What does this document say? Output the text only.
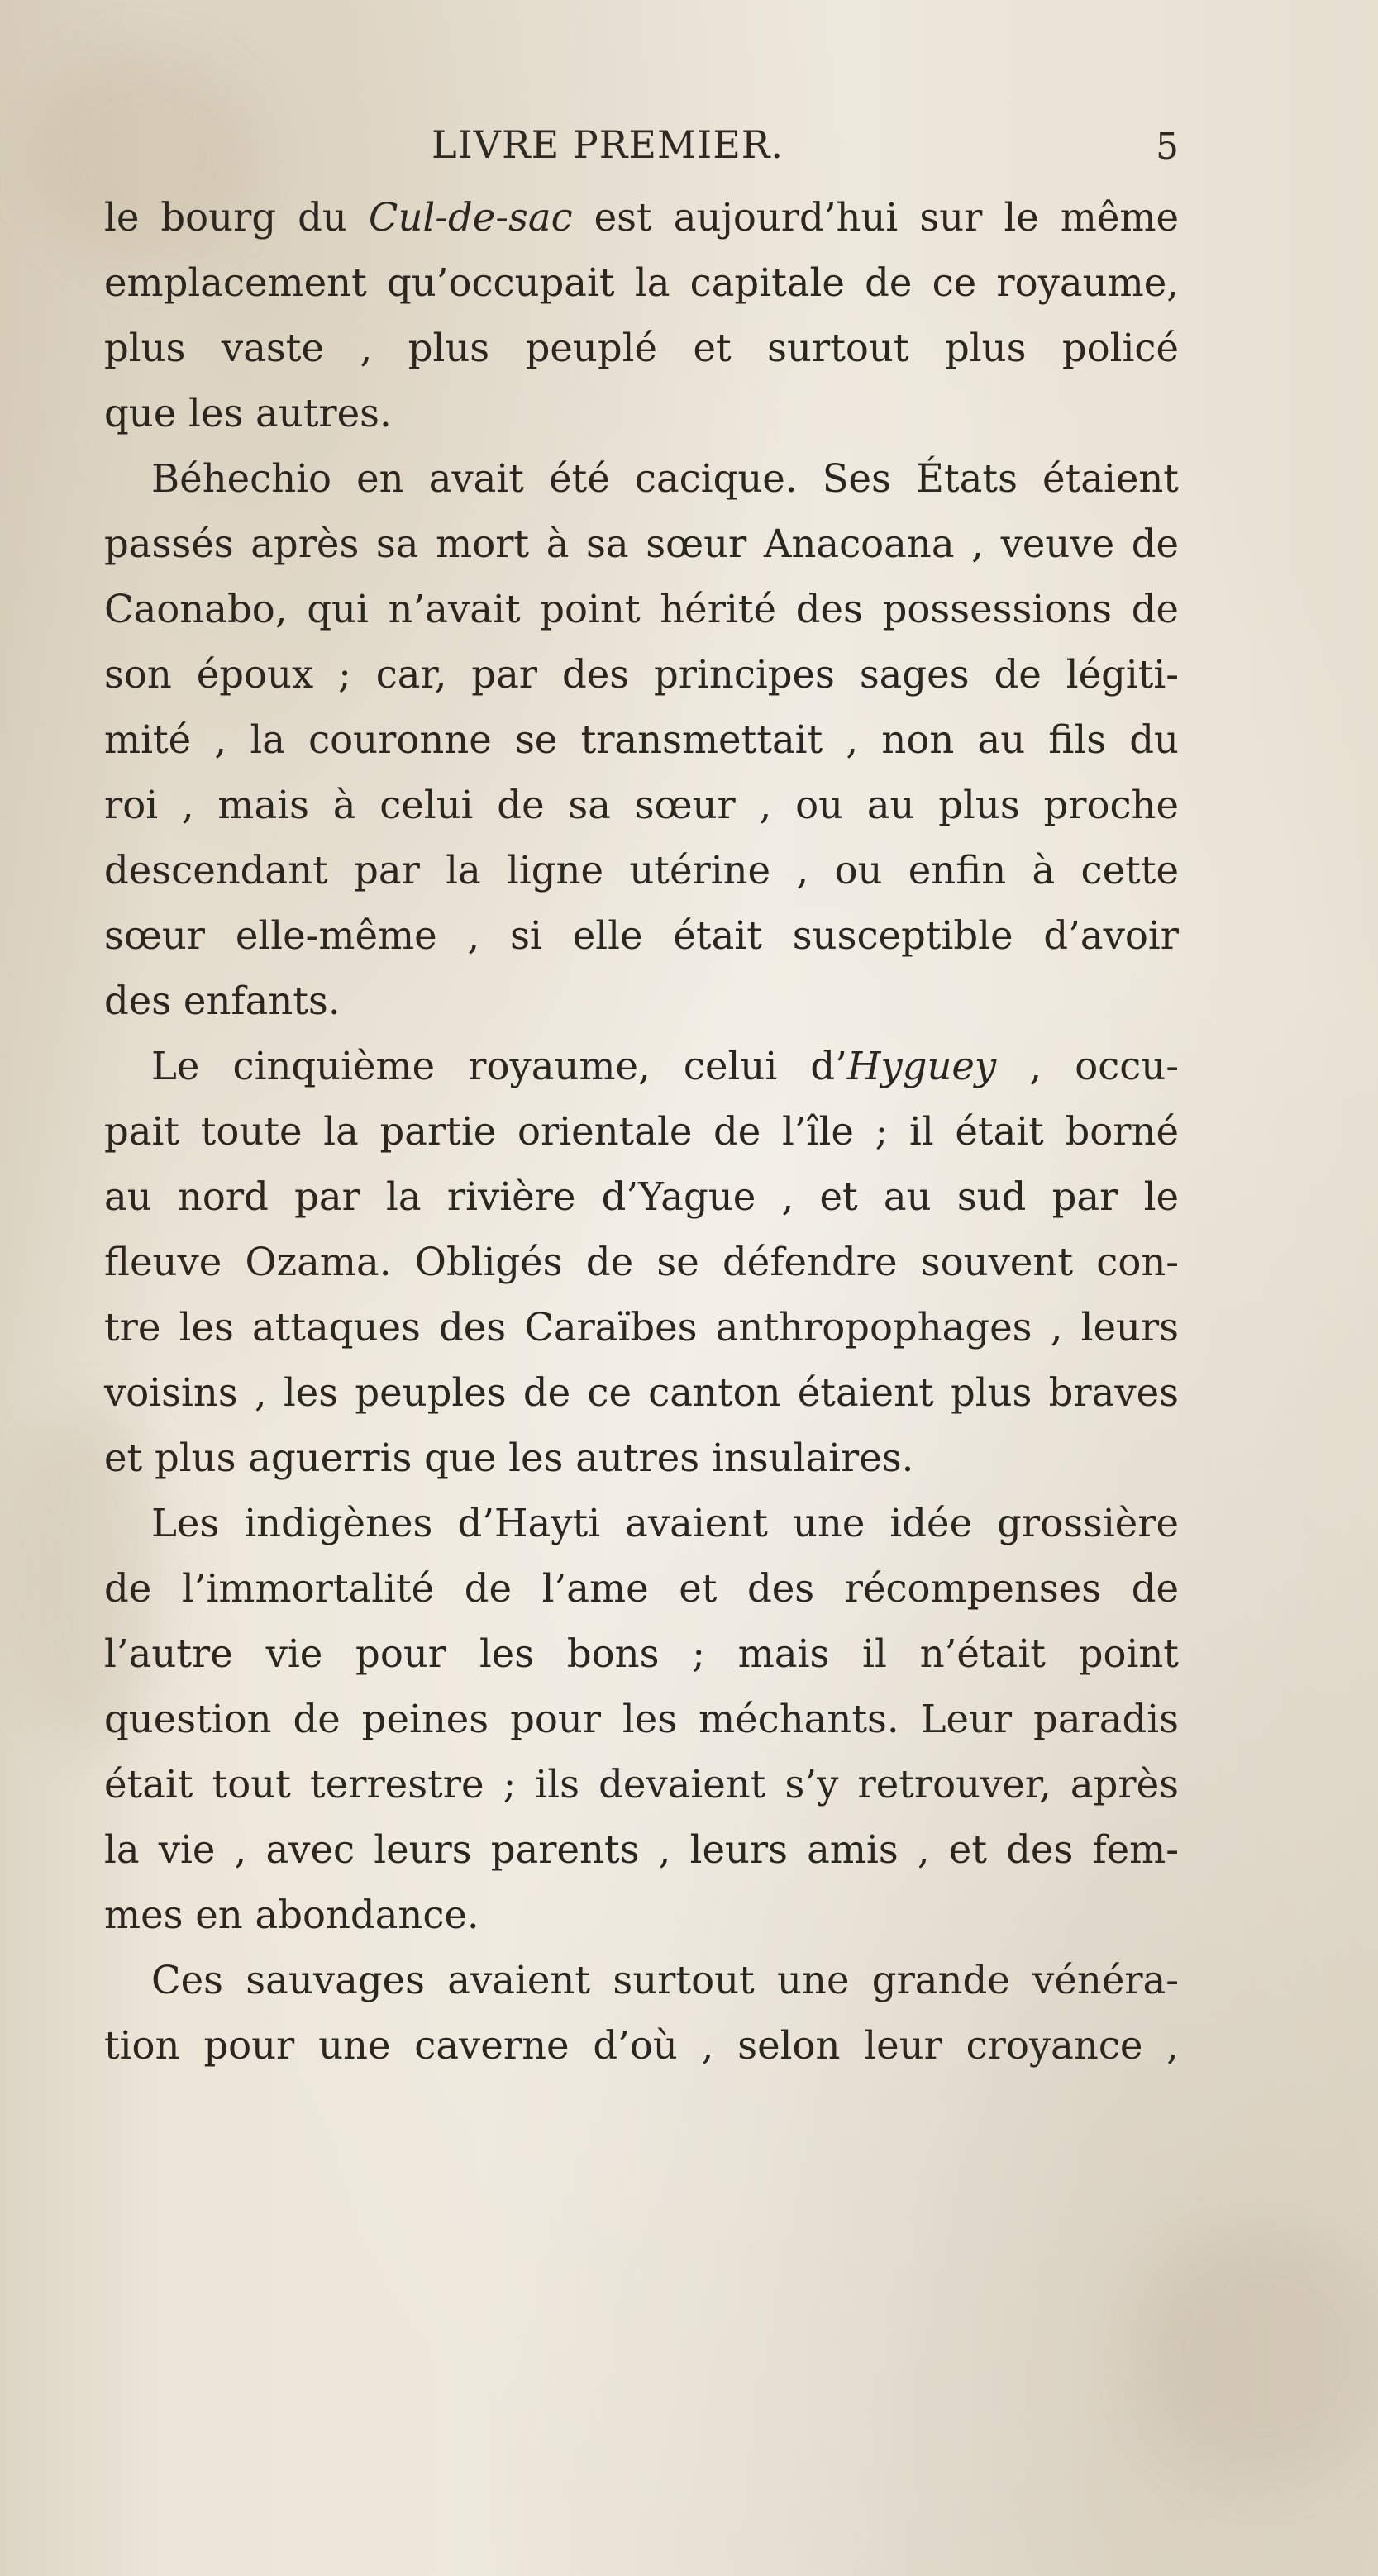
LIVRE PREMIER.	5
le bourg du Cul-de-sac est aujourd’hui sur le même
emplacement qu’occupait la capitale de ce royaume,
plus vaste , plus peuplé et surtout plus policé
que les autres.
Béhechio en avait été cacique. Ses États étaient
passés après sa mort à sa sœur Anacoana , veuve de
Caonabo, qui n’avait point hérité des possessions de
son époux ; car, par des principes sages de légiti-
mité , la couronne se transmettait , non au fils du
roi , mais à celui de sa sœur , ou au plus proche
descendant par la ligne utérine , ou enfin à cette
sœur elle-même , si elle était susceptible d’avoir
des enfants.
Le cinquième royaume, celui d’Hyguey , occu-
pait toute la partie orientale de l’île ; il était borné
au nord par la rivière d’Yague , et au sud par le
fleuve Ozama. Obligés de se défendre souvent con-
tre les attaques des Caraïbes anthropophages , leurs
voisins , les peuples de ce canton étaient plus braves
et plus aguerris que les autres insulaires.
Les indigènes d’Hayti avaient une idée grossière
de l’immortalité de l’ame et des récompenses de
l’autre vie pour les bons ; mais il n’était point
question de peines pour les méchants. Leur paradis
était tout terrestre ; ils devaient s’y retrouver, après
la vie , avec leurs parents , leurs amis , et des fem-
mes en abondance.
Ces sauvages avaient surtout une grande vénéra-
tion pour une caverne d’où , selon leur croyance ,
